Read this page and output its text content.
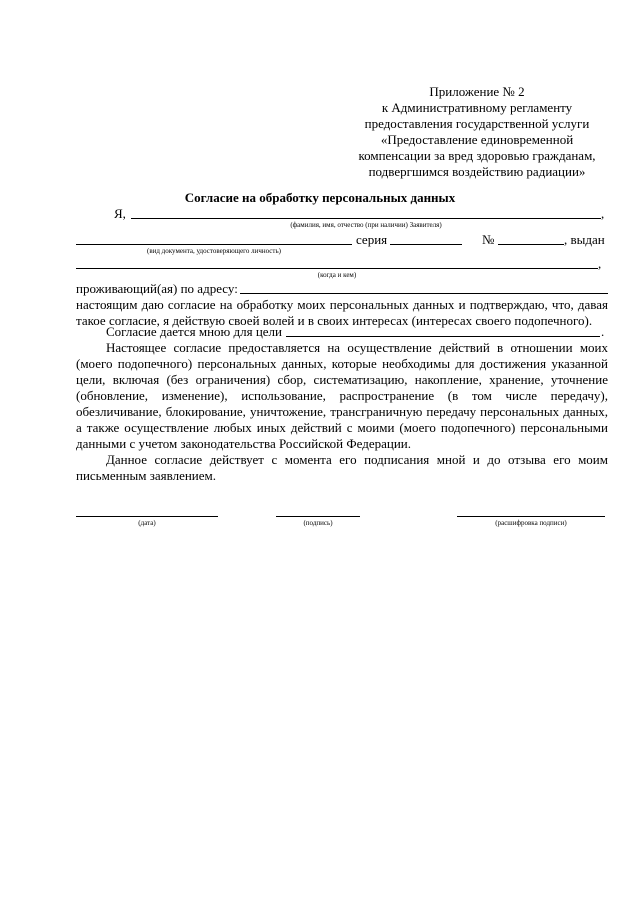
Приложение № 2
к Административному регламенту
предоставления государственной услуги
«Предоставление единовременной
компенсации за вред здоровью гражданам,
подвергшимся воздействию радиации»
Согласие на обработку персональных данных
Я,	,
(фамилия, имя, отчество (при наличии) Заявителя)
серия	№	, выдан
(вид документа, удостоверяющего личность)
,
(когда и кем)
проживающий(ая) по адресу:
настоящим даю согласие на обработку моих персональных данных и подтверждаю, что, давая такое согласие, я действую своей волей и в своих интересах (интересах своего подопечного).
Согласие дается мною для цели	.
Настоящее согласие предоставляется на осуществление действий в отношении моих (моего подопечного) персональных данных, которые необходимы для достижения указанной цели, включая (без ограничения) сбор, систематизацию, накопление, хранение, уточнение (обновление, изменение), использование, распространение (в том числе передачу), обезличивание, блокирование, уничтожение, трансграничную передачу персональных данных, а также осуществление любых иных действий с моими (моего подопечного) персональными данными с учетом законодательства Российской Федерации.
Данное согласие действует с момента его подписания мной и до отзыва его моим письменным заявлением.
(дата)	(подпись)	(расшифровка подписи)
